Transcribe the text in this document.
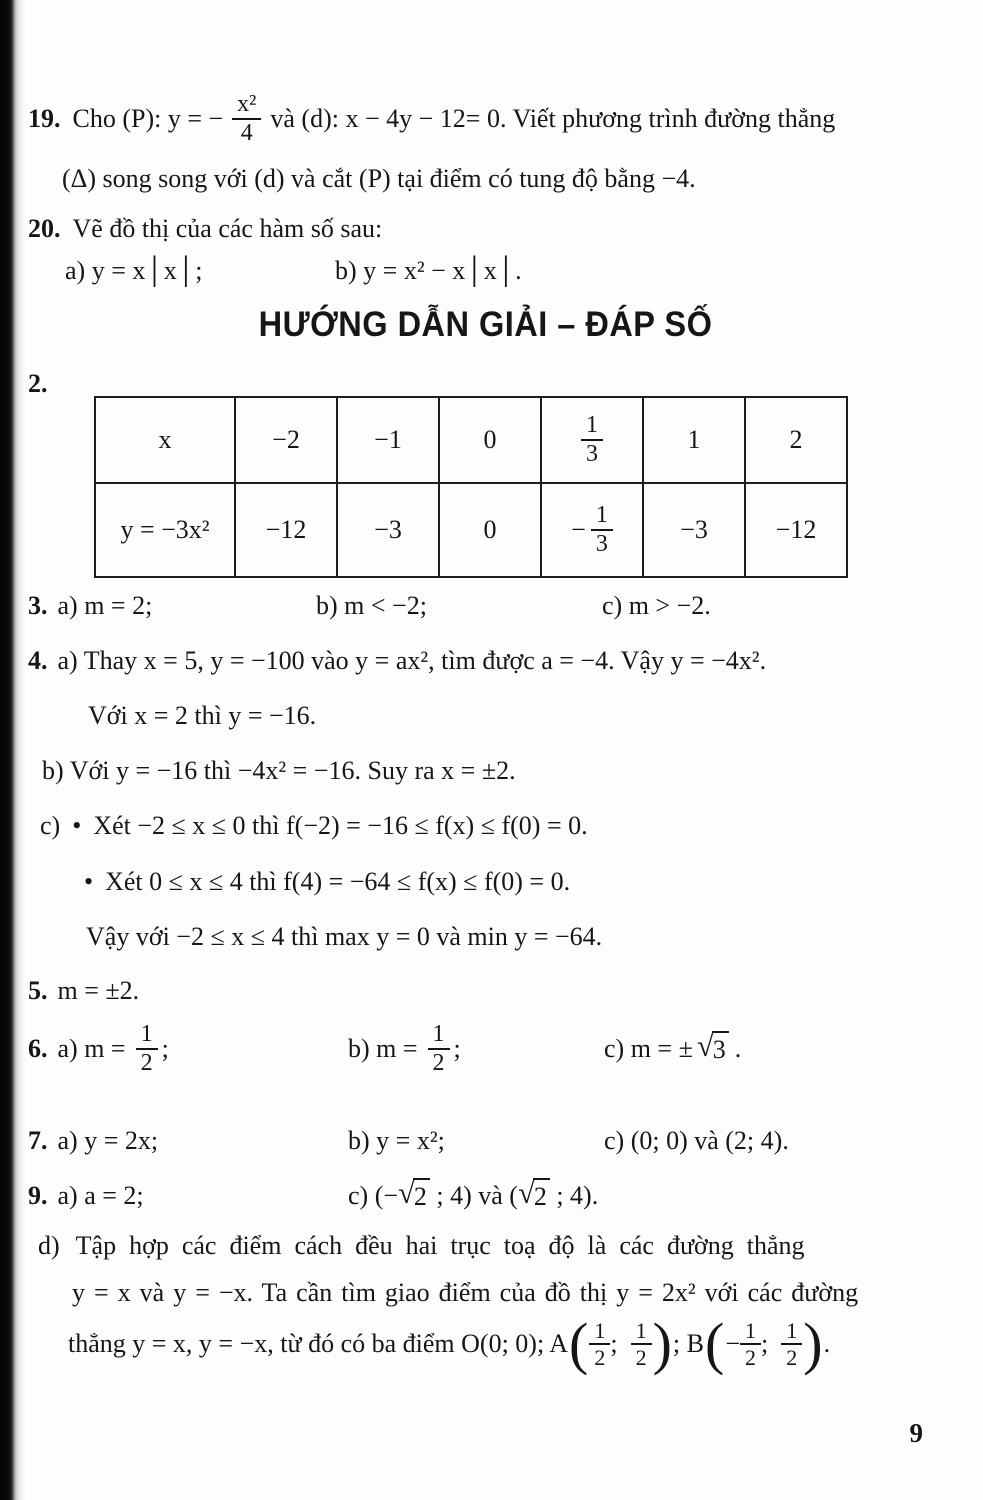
19. Cho (P): y = − $\frac{\text{x²}}{4}$ và (d): x − 4y − 12= 0. Viết phương trình đường thẳng
(Δ) song song với (d) và cắt (P) tại điểm có tung độ bằng −4.
20. Vẽ đồ thị của các hàm số sau:
a) y = x│x│;	b) y = x² − x│x│.
HƯỚNG DẪN GIẢI – ĐÁP SỐ
2.
x	−2	−1	0	$\frac{1}{3}$	1	2
y = −3x²	−12	−3	0	− $\frac{1}{3}$	−3	−12
3. a) m = 2;	b) m < −2;	c) m > −2.
4. a) Thay x = 5, y = −100 vào y = ax², tìm được a = −4. Vậy y = −4x².
Với x = 2 thì y = −16.
b) Với y = −16 thì −4x² = −16. Suy ra x = ±2.
c) • Xét −2 ≤ x ≤ 0 thì f(−2) = −16 ≤ f(x) ≤ f(0) = 0.
• Xét 0 ≤ x ≤ 4 thì f(4) = −64 ≤ f(x) ≤ f(0) = 0.
Vậy với −2 ≤ x ≤ 4 thì max y = 0 và min y = −64.
5. m = ±2.
6. a) $m = \frac{1}{2}$ ;	b) $m = \frac{1}{2}$ ;	c) m = ± √ 3 .
7. a) y = 2x;	b) y = x²;	c) (0; 0) và (2; 4).
9. a) a = 2;	c) (− √ 2 ; 4) và ( √ 2 ; 4).
d) Tập hợp các điểm cách đều hai trục toạ độ là các đường thẳng
y = x và y = −x. Ta cần tìm giao điểm của đồ thị y = 2x² với các đường
thẳng y = x, y = −x, từ đó có ba điểm O(0; 0); A ( $\frac{1}{2}$ ; $\frac{1}{2}$ ) ; B ( − $\frac{1}{2}$ ; $\frac{1}{2}$ ) .
9
